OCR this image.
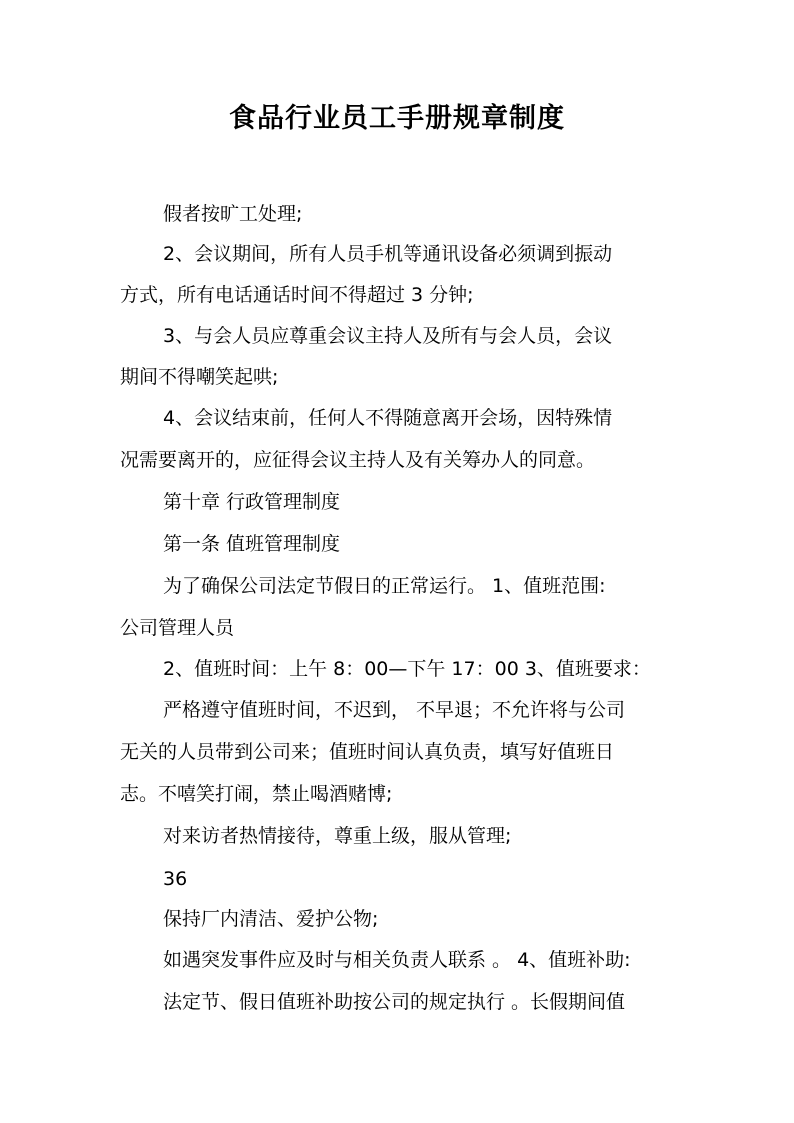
食品行业员工手册规章制度
假者按旷工处理;
2、会议期间，所有人员手机等通讯设备必须调到振动
方式，所有电话通话时间不得超过 3 分钟;
3、与会人员应尊重会议主持人及所有与会人员，会议
期间不得嘲笑起哄;
4、会议结束前，任何人不得随意离开会场，因特殊情
况需要离开的，应征得会议主持人及有关筹办人的同意。
第十章 行政管理制度
第一条 值班管理制度
为了确保公司法定节假日的正常运行。 1、值班范围:
公司管理人员
2、值班时间：上午 8：00—下午 17：00 3、值班要求：
严格遵守值班时间，不迟到， 不早退；不允许将与公司
无关的人员带到公司来；值班时间认真负责，填写好值班日
志。不嘻笑打闹，禁止喝酒赌博;
对来访者热情接待，尊重上级，服从管理;
36
保持厂内清洁、爱护公物;
如遇突发事件应及时与相关负责人联系 。 4、值班补助:
法定节、假日值班补助按公司的规定执行 。长假期间值
